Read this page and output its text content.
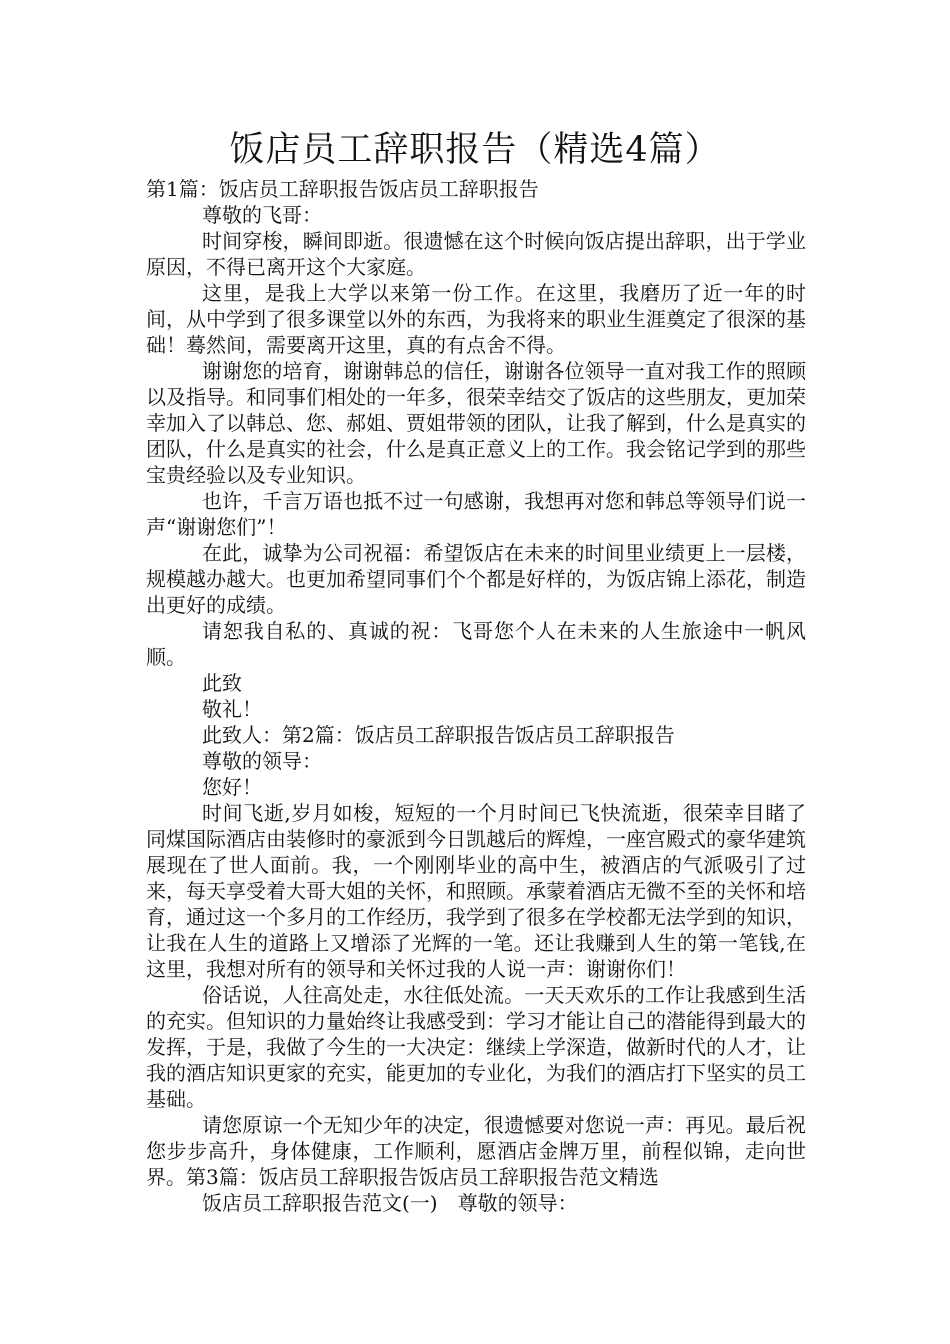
饭店员工辞职报告（精选4篇）

第1篇：饭店员工辞职报告饭店员工辞职报告

尊敬的飞哥：

时间穿梭，瞬间即逝。很遗憾在这个时候向饭店提出辞职，出于学业原因，不得已离开这个大家庭。

这里，是我上大学以来第一份工作。在这里，我磨历了近一年的时间，从中学到了很多课堂以外的东西，为我将来的职业生涯奠定了很深的基础！蓦然间，需要离开这里，真的有点舍不得。

谢谢您的培育，谢谢韩总的信任，谢谢各位领导一直对我工作的照顾以及指导。和同事们相处的一年多，很荣幸结交了饭店的这些朋友，更加荣幸加入了以韩总、您、郝姐、贾姐带领的团队，让我了解到，什么是真实的团队，什么是真实的社会，什么是真正意义上的工作。我会铭记学到的那些宝贵经验以及专业知识。

也许，千言万语也抵不过一句感谢，我想再对您和韩总等领导们说一声“谢谢您们”！

在此，诚挚为公司祝福：希望饭店在未来的时间里业绩更上一层楼，规模越办越大。也更加希望同事们个个都是好样的，为饭店锦上添花，制造出更好的成绩。

请恕我自私的、真诚的祝：飞哥您个人在未来的人生旅途中一帆风顺。

此致

敬礼！

此致人：第2篇：饭店员工辞职报告饭店员工辞职报告

尊敬的领导：

您好！

时间飞逝,岁月如梭，短短的一个月时间已飞快流逝，很荣幸目睹了同煤国际酒店由装修时的豪派到今日凯越后的辉煌，一座宫殿式的豪华建筑展现在了世人面前。我，一个刚刚毕业的高中生，被酒店的气派吸引了过来，每天享受着大哥大姐的关怀，和照顾。承蒙着酒店无微不至的关怀和培育，通过这一个多月的工作经历，我学到了很多在学校都无法学到的知识，让我在人生的道路上又增添了光辉的一笔。还让我赚到人生的第一笔钱,在这里，我想对所有的领导和关怀过我的人说一声：谢谢你们！

俗话说，人往高处走，水往低处流。一天天欢乐的工作让我感到生活的充实。但知识的力量始终让我感受到：学习才能让自己的潜能得到最大的发挥，于是，我做了今生的一大决定：继续上学深造，做新时代的人才，让我的酒店知识更家的充实，能更加的专业化，为我们的酒店打下坚实的员工基础。

请您原谅一个无知少年的决定，很遗憾要对您说一声：再见。最后祝您步步高升，身体健康，工作顺利，愿酒店金牌万里，前程似锦，走向世界。第3篇：饭店员工辞职报告饭店员工辞职报告范文精选

饭店员工辞职报告范文(一)　尊敬的领导：
